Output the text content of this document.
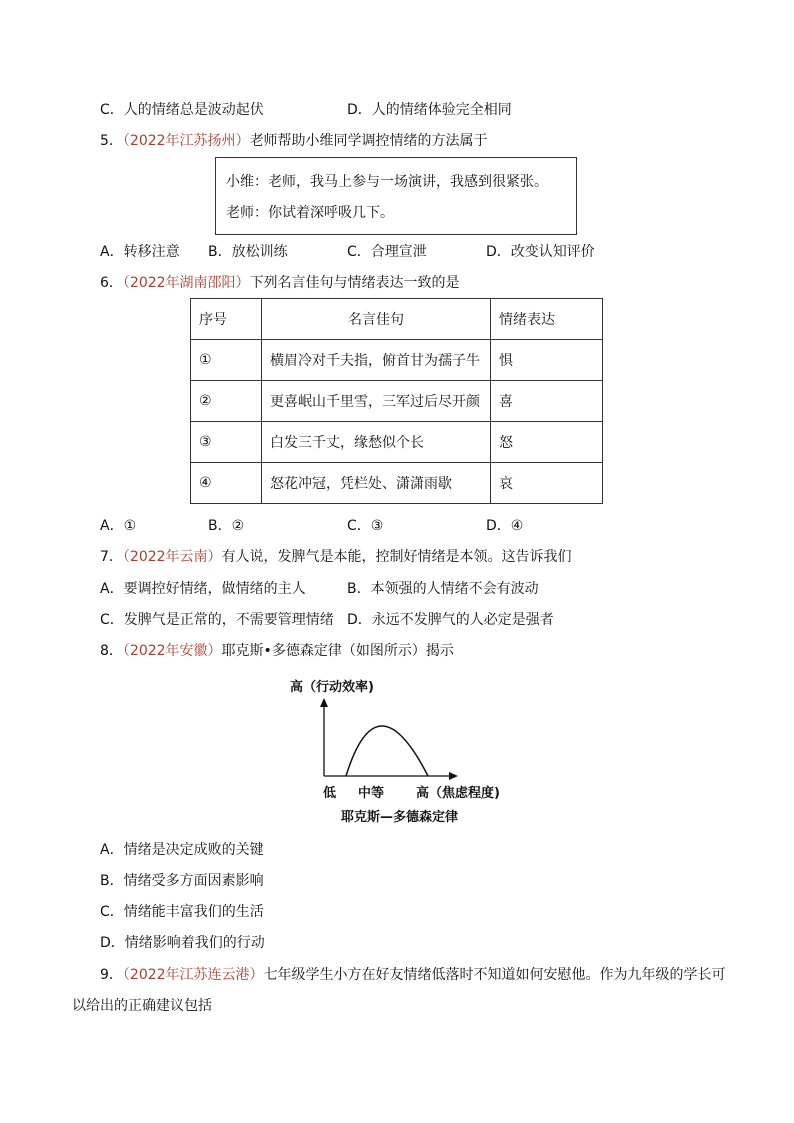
C．人的情绪总是波动起伏	D．人的情绪体验完全相同
5．（2022年江苏扬州）老师帮助小维同学调控情绪的方法属于
小维：老师，我马上参与一场演讲，我感到很紧张。
老师：你试着深呼吸几下。
A．转移注意 B．放松训练	C．合理宣泄	D．改变认知评价
6．（2022年湖南邵阳）下列名言佳句与情绪表达一致的是
序号	名言佳句	情绪表达
①	横眉冷对千夫指，俯首甘为孺子牛	惧
②	更喜岷山千里雪，三军过后尽开颜	喜
③	白发三千丈，缘愁似个长	怒
④	怒花冲冠，凭栏处、潇潇雨歇	哀
A．①	B．②	C．③	D．④
7．（2022年云南）有人说，发脾气是本能，控制好情绪是本领。这告诉我们
A．要调控好情绪，做情绪的主人	B．本领强的人情绪不会有波动
C．发脾气是正常的，不需要管理情绪 D．永远不发脾气的人必定是强者
8．（2022年安徽）耶克斯•多德森定律（如图所示）揭示
高（行动效率)
低 中等 高（焦虑程度)
耶克斯—多德森定律
A．情绪是决定成败的关键
B．情绪受多方面因素影响
C．情绪能丰富我们的生活
D．情绪影响着我们的行动
9．（2022年江苏连云港）七年级学生小方在好友情绪低落时不知道如何安慰他。作为九年级的学长可
以给出的正确建议包括
